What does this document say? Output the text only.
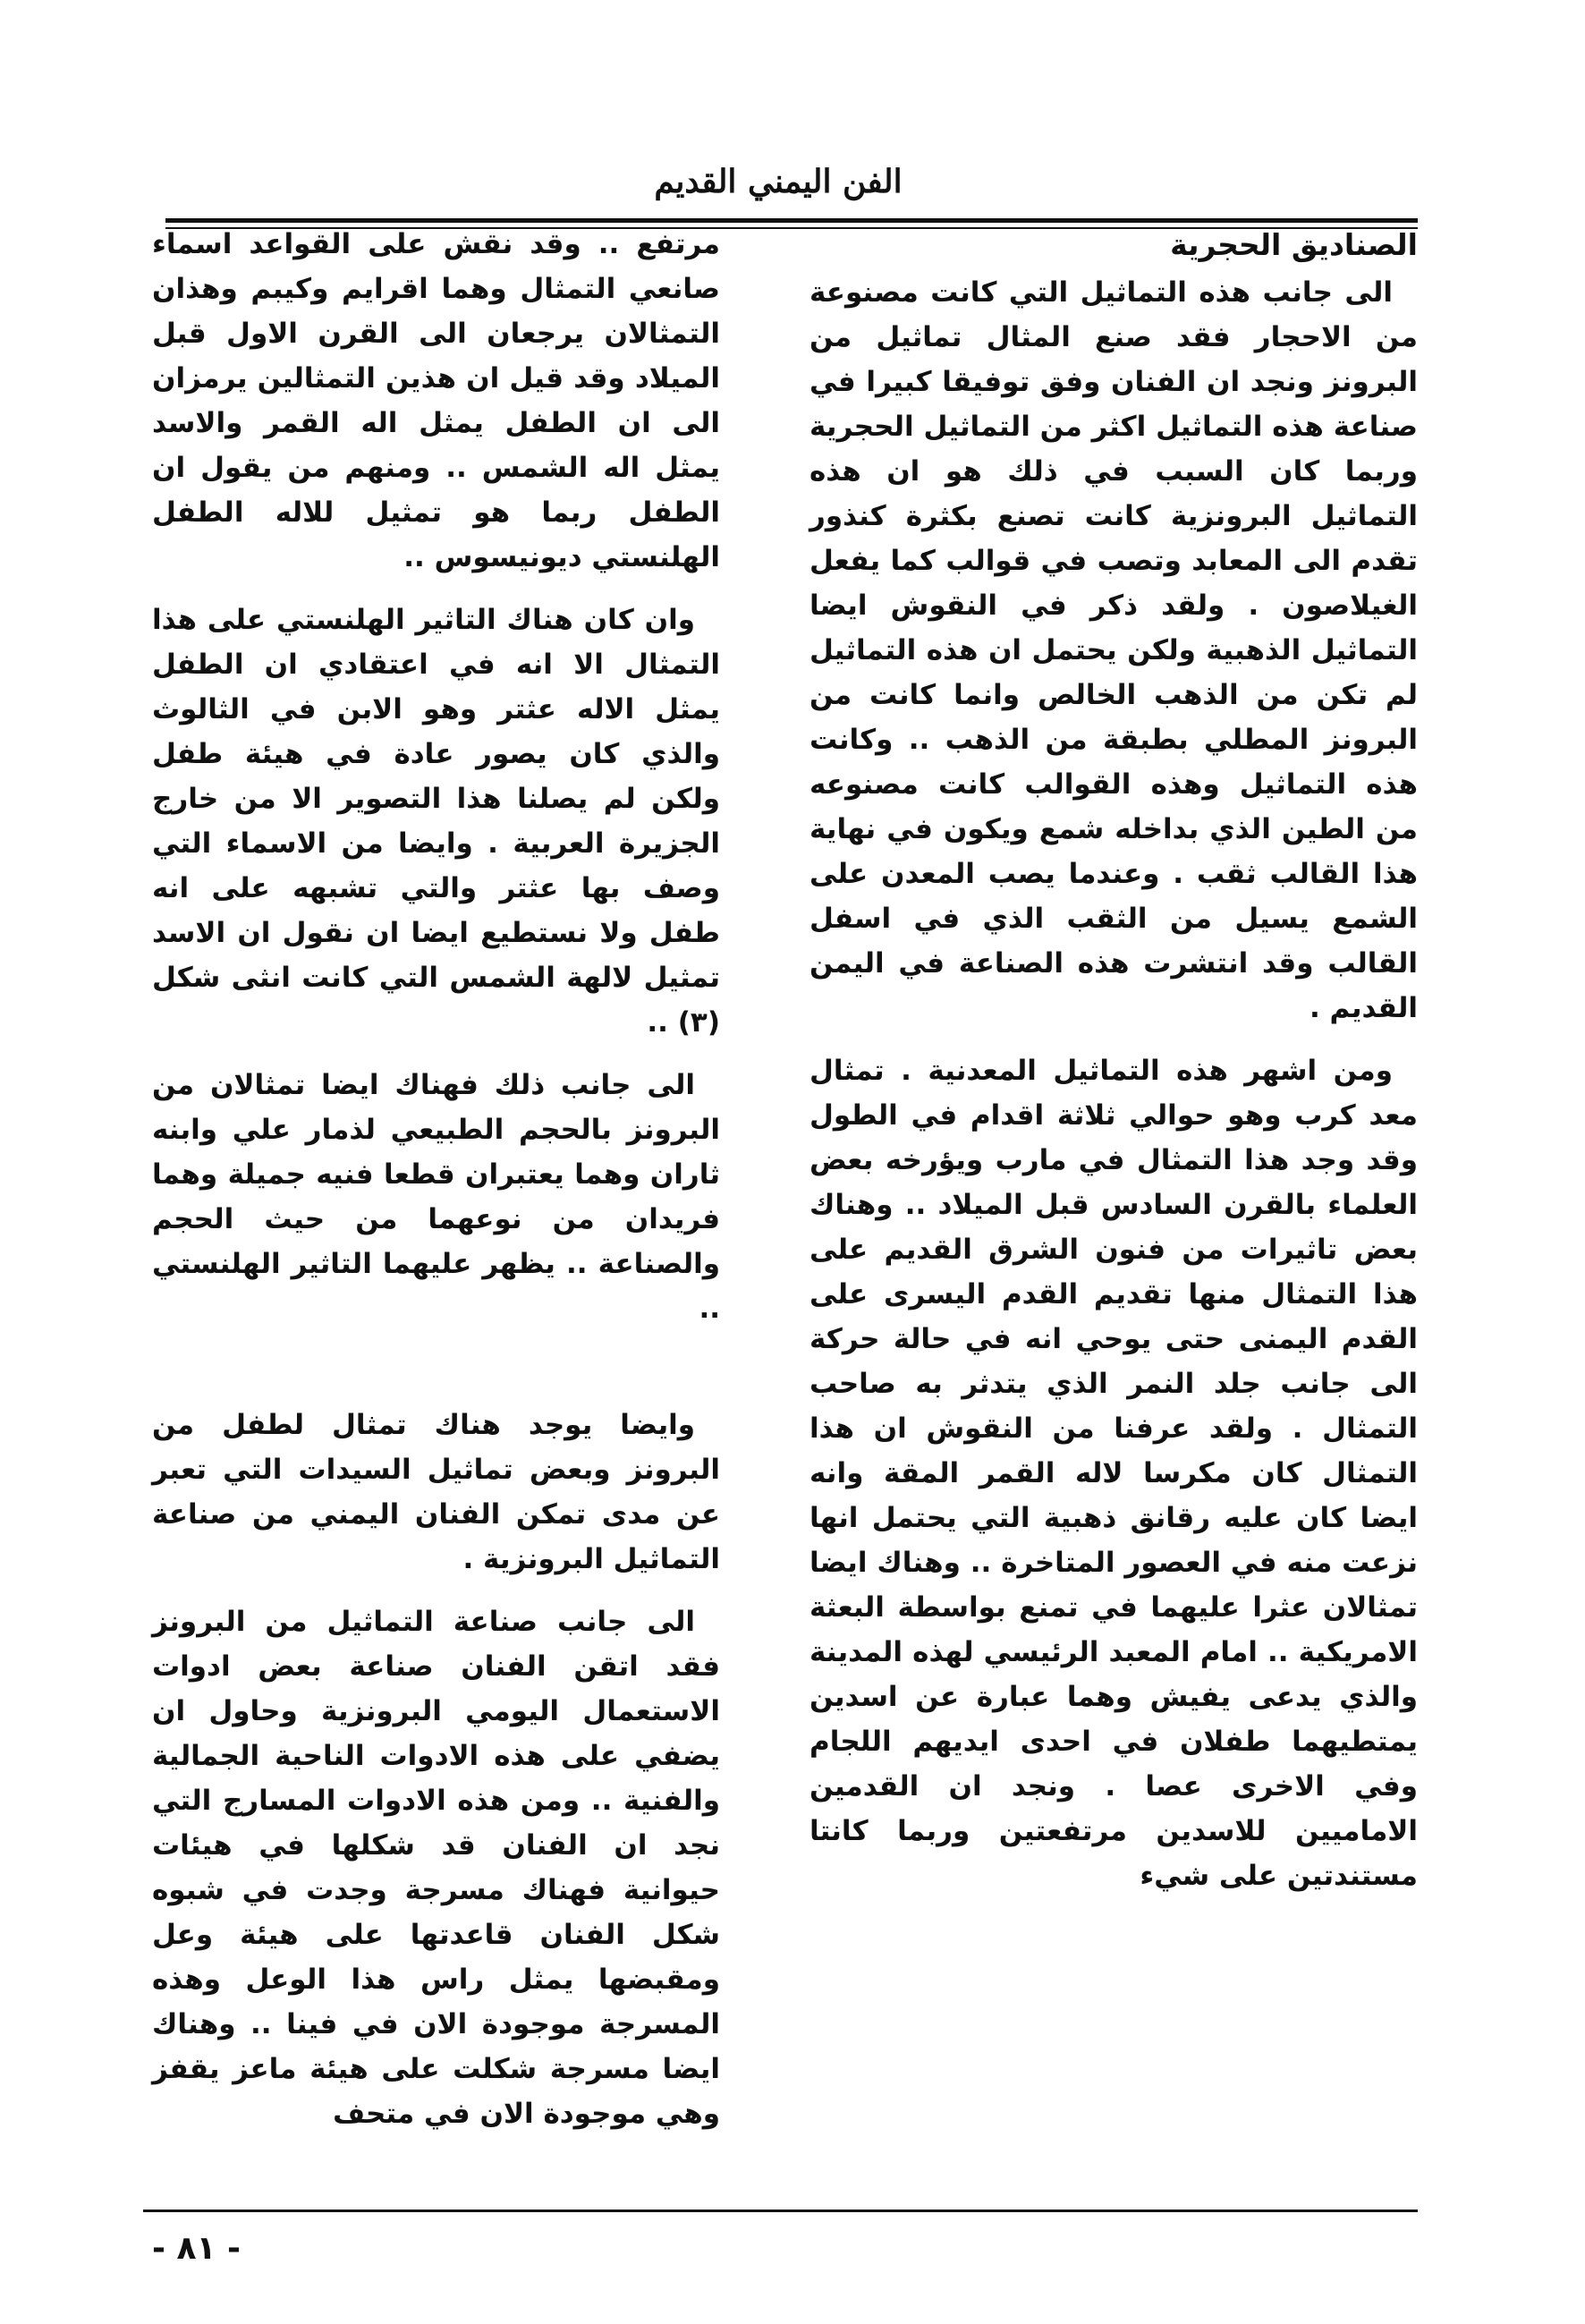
الفن اليمني القديم
الصناديق الحجرية

الى جانب هذه التماثيل التي كانت مصنوعة من الاحجار فقد صنع المثال تماثيل من البرونز ونجد ان الفنان وفق توفيقا كبيرا في صناعة هذه التماثيل اكثر من التماثيل الحجرية وربما كان السبب في ذلك هو ان هذه التماثيل البرونزية كانت تصنع بكثرة كنذور تقدم الى المعابد وتصب في قوالب كما يفعل الغيلاصون . ولقد ذكر في النقوش ايضا التماثيل الذهبية ولكن يحتمل ان هذه التماثيل لم تكن من الذهب الخالص وانما كانت من البرونز المطلي بطبقة من الذهب .. وكانت هذه التماثيل وهذه القوالب كانت مصنوعه من الطين الذي بداخله شمع ويكون في نهاية هذا القالب ثقب . وعندما يصب المعدن على الشمع يسيل من الثقب الذي في اسفل القالب وقد انتشرت هذه الصناعة في اليمن القديم .

ومن اشهر هذه التماثيل المعدنية . تمثال معد كرب وهو حوالي ثلاثة اقدام في الطول وقد وجد هذا التمثال في مارب ويؤرخه بعض العلماء بالقرن السادس قبل الميلاد .. وهناك بعض تاثيرات من فنون الشرق القديم على هذا التمثال منها تقديم القدم اليسرى على القدم اليمنى حتى يوحي انه في حالة حركة الى جانب جلد النمر الذي يتدثر به صاحب التمثال . ولقد عرفنا من النقوش ان هذا التمثال كان مكرسا لاله القمر المقة وانه ايضا كان عليه رقانق ذهبية التي يحتمل انها نزعت منه في العصور المتاخرة .. وهناك ايضا تمثالان عثرا عليهما في تمنع بواسطة البعثة الامريكية .. امام المعبد الرئيسي لهذه المدينة والذي يدعى يفيش وهما عبارة عن اسدين يمتطيهما طفلان في احدى ايديهم اللجام وفي الاخرى عصا . ونجد ان القدمين الاماميين للاسدين مرتفعتين وربما كانتا مستندتين على شيء

مرتفع .. وقد نقش على القواعد اسماء صانعي التمثال وهما اقرايم وكيبم وهذان التمثالان يرجعان الى القرن الاول قبل الميلاد وقد قيل ان هذين التمثالين يرمزان الى ان الطفل يمثل اله القمر والاسد يمثل اله الشمس .. ومنهم من يقول ان الطفل ربما هو تمثيل للاله الطفل الهلنستي ديونيسوس ..

وان كان هناك التاثير الهلنستي على هذا التمثال الا انه في اعتقادي ان الطفل يمثل الاله عثتر وهو الابن في الثالوث والذي كان يصور عادة في هيئة طفل ولكن لم يصلنا هذا التصوير الا من خارج الجزيرة العربية . وايضا من الاسماء التي وصف بها عثتر والتي تشبهه على انه طفل ولا نستطيع ايضا ان نقول ان الاسد تمثيل لالهة الشمس التي كانت انثى شكل (٣) ..

الى جانب ذلك فهناك ايضا تمثالان من البرونز بالحجم الطبيعي لذمار علي وابنه ثاران وهما يعتبران قطعا فنيه جميلة وهما فريدان من نوعهما من حيث الحجم والصناعة .. يظهر عليهما التاثير الهلنستي ..

وايضا يوجد هناك تمثال لطفل من البرونز وبعض تماثيل السيدات التي تعبر عن مدى تمكن الفنان اليمني من صناعة التماثيل البرونزية .

الى جانب صناعة التماثيل من البرونز فقد اتقن الفنان صناعة بعض ادوات الاستعمال اليومي البرونزية وحاول ان يضفي على هذه الادوات الناحية الجمالية والفنية .. ومن هذه الادوات المسارج التي نجد ان الفنان قد شكلها في هيئات حيوانية فهناك مسرجة وجدت في شبوه شكل الفنان قاعدتها على هيئة وعل ومقبضها يمثل راس هذا الوعل وهذه المسرجة موجودة الان في فينا .. وهناك ايضا مسرجة شكلت على هيئة ماعز يقفز وهي موجودة الان في متحف

- ٨١ -
